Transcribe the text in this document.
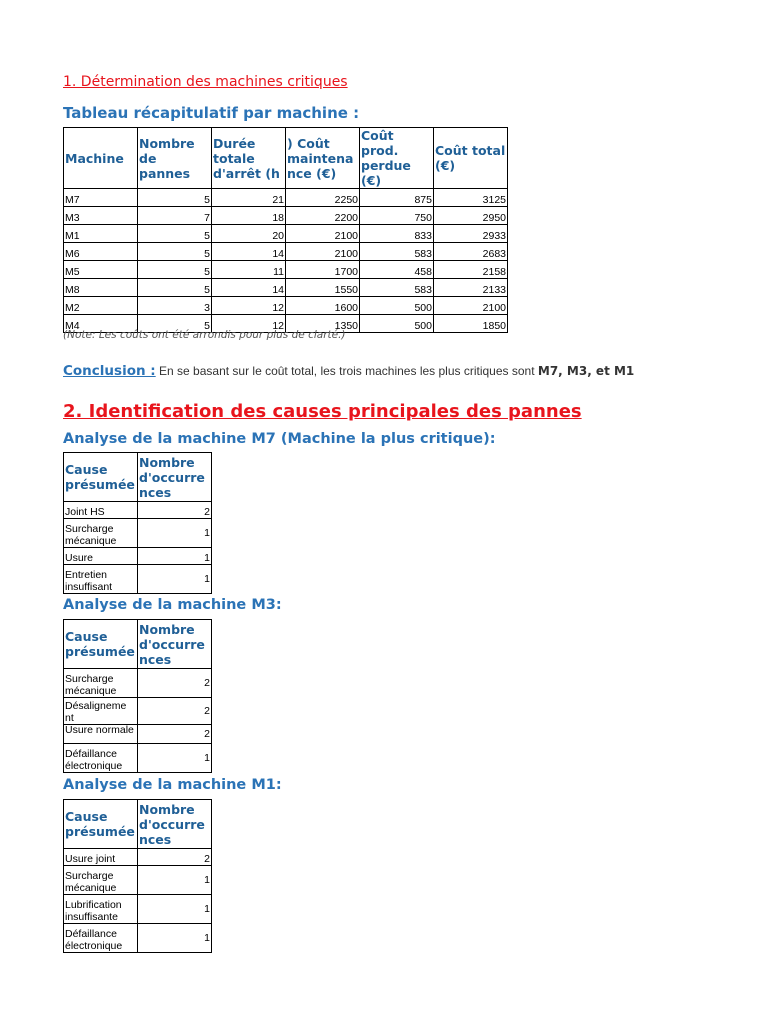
1. Détermination des machines critiques
Tableau récapitulatif par machine :
Machine	Nombre de pannes	Durée totale d'arrêt (h	) Coût maintena nce (€)	Coût prod. perdue (€)	Coût total (€)
M7	5	21	2250	875	3125
M3	7	18	2200	750	2950
M1	5	20	2100	833	2933
M6	5	14	2100	583	2683
M5	5	11	1700	458	2158
M8	5	14	1550	583	2133
M2	3	12	1600	500	2100
M4	5	12	1350	500	1850
(Note: Les coûts ont été arrondis pour plus de clarté.)
Conclusion : En se basant sur le coût total, les trois machines les plus critiques sont M7, M3, et M1
2. Identification des causes principales des pannes
Analyse de la machine M7 (Machine la plus critique):
Cause présumée	Nombre d'occurre nces
Joint HS	2
Surcharge mécanique	1
Usure	1
Entretien insuffisant	1
Analyse de la machine M3:
Cause présumée	Nombre d'occurre nces
Surcharge mécanique	2
Désaligneme nt	2

Usure normale	2
Défaillance électronique	1
Analyse de la machine M1:
Cause présumée	Nombre d'occurre nces
Usure joint	2
Surcharge mécanique	1
Lubrification insuffisante	1
Défaillance électronique	1
